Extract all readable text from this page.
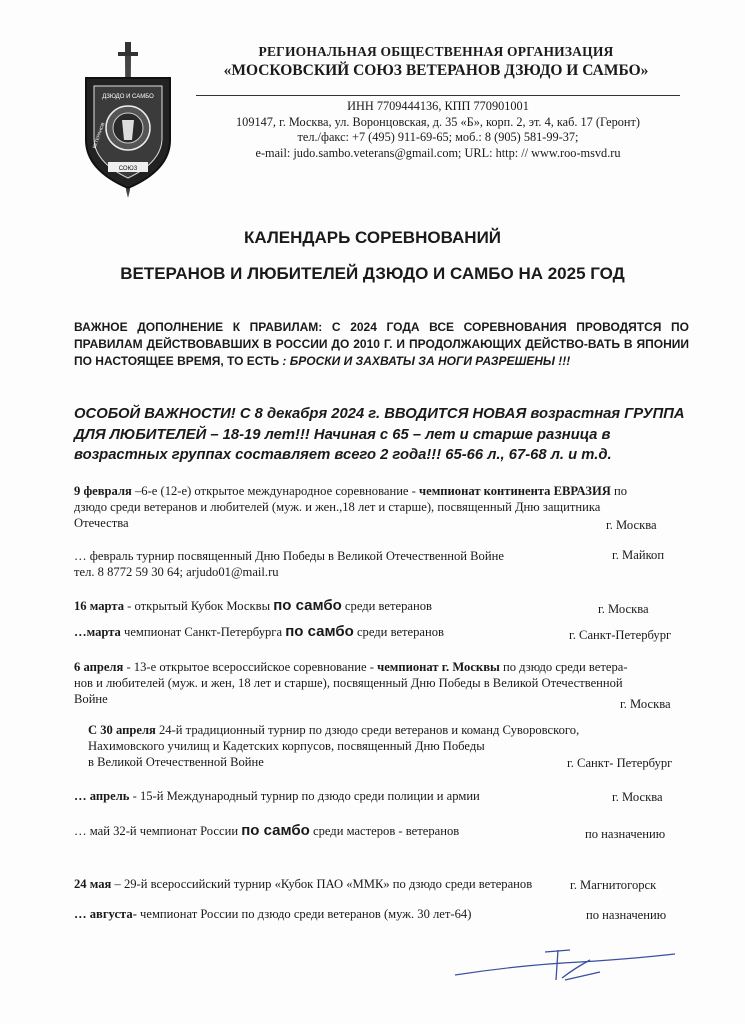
ДЗЮДО И САМБО
СОЮЗ
ВЕТЕРАНОВ
РЕГИОНАЛЬНАЯ ОБЩЕСТВЕННАЯ ОРГАНИЗАЦИЯ
«МОСКОВСКИЙ СОЮЗ ВЕТЕРАНОВ ДЗЮДО И САМБО»
ИНН 7709444136, КПП 770901001
109147, г. Москва, ул. Воронцовская, д. 35 «Б», корп. 2, эт. 4, каб. 17 (Геронт)
тел./факс: +7 (495) 911-69-65; моб.: 8 (905) 581-99-37;
e-mail: judo.sambo.veterans@gmail.com; URL: http: // www.roo-msvd.ru
КАЛЕНДАРЬ СОРЕВНОВАНИЙ
ВЕТЕРАНОВ И ЛЮБИТЕЛЕЙ ДЗЮДО И САМБО НА 2025 ГОД
ВАЖНОЕ ДОПОЛНЕНИЕ К ПРАВИЛАМ: С 2024 ГОДА ВСЕ СОРЕВНОВАНИЯ ПРОВОДЯТСЯ ПО ПРАВИЛАМ ДЕЙСТВОВАВШИХ В РОССИИ ДО 2010 Г. И ПРОДОЛЖАЮЩИХ ДЕЙСТВО-ВАТЬ В ЯПОНИИ ПО НАСТОЯЩЕЕ ВРЕМЯ, ТО ЕСТЬ : БРОСКИ И ЗАХВАТЫ ЗА НОГИ РАЗРЕШЕНЫ !!!
ОСОБОЙ ВАЖНОСТИ! С 8 декабря 2024 г. ВВОДИТСЯ НОВАЯ возрастная ГРУППА ДЛЯ ЛЮБИТЕЛЕЙ – 18-19 лет!!! Начиная с 65 – лет и старше разница в возрастных группах составляет всего 2 года!!! 65-66 л., 67-68 л. и т.д.
9 февраля –6-е (12-е) открытое международное соревнование - чемпионат континента ЕВРАЗИЯ по
дзюдо среди ветеранов и любителей (муж. и жен.,18 лет и старше), посвященный Дню защитника
Отечества	г. Москва
… февраль турнир посвященный Дню Победы в Великой Отечественной Войне
тел. 8 8772 59 30 64; arjudo01@mail.ru
г. Майкоп
16 марта - открытый Кубок Москвы по самбо среди ветеранов	г. Москва
…марта чемпионат Санкт-Петербурга по самбо среди ветеранов	г. Санкт-Петербург
6 апреля - 13-е открытое всероссийское соревнование - чемпионат г. Москвы по дзюдо среди ветера-
нов и любителей (муж. и жен, 18 лет и старше), посвященный Дню Победы в Великой Отечественной
Войне	г. Москва
С 30 апреля 24-й традиционный турнир по дзюдо среди ветеранов и команд Суворовского,
Нахимовского училищ и Кадетских корпусов, посвященный Дню Победы
в Великой Отечественной Войне	г. Санкт- Петербург
… апрель - 15-й Международный турнир по дзюдо среди полиции и армии	г. Москва
… май 32-й чемпионат России по самбо среди мастеров - ветеранов	по назначению
24 мая – 29-й всероссийский турнир «Кубок ПАО «ММК» по дзюдо среди ветеранов	г. Магнитогорск
… августа- чемпионат России по дзюдо среди ветеранов (муж. 30 лет-64)	по назначению
